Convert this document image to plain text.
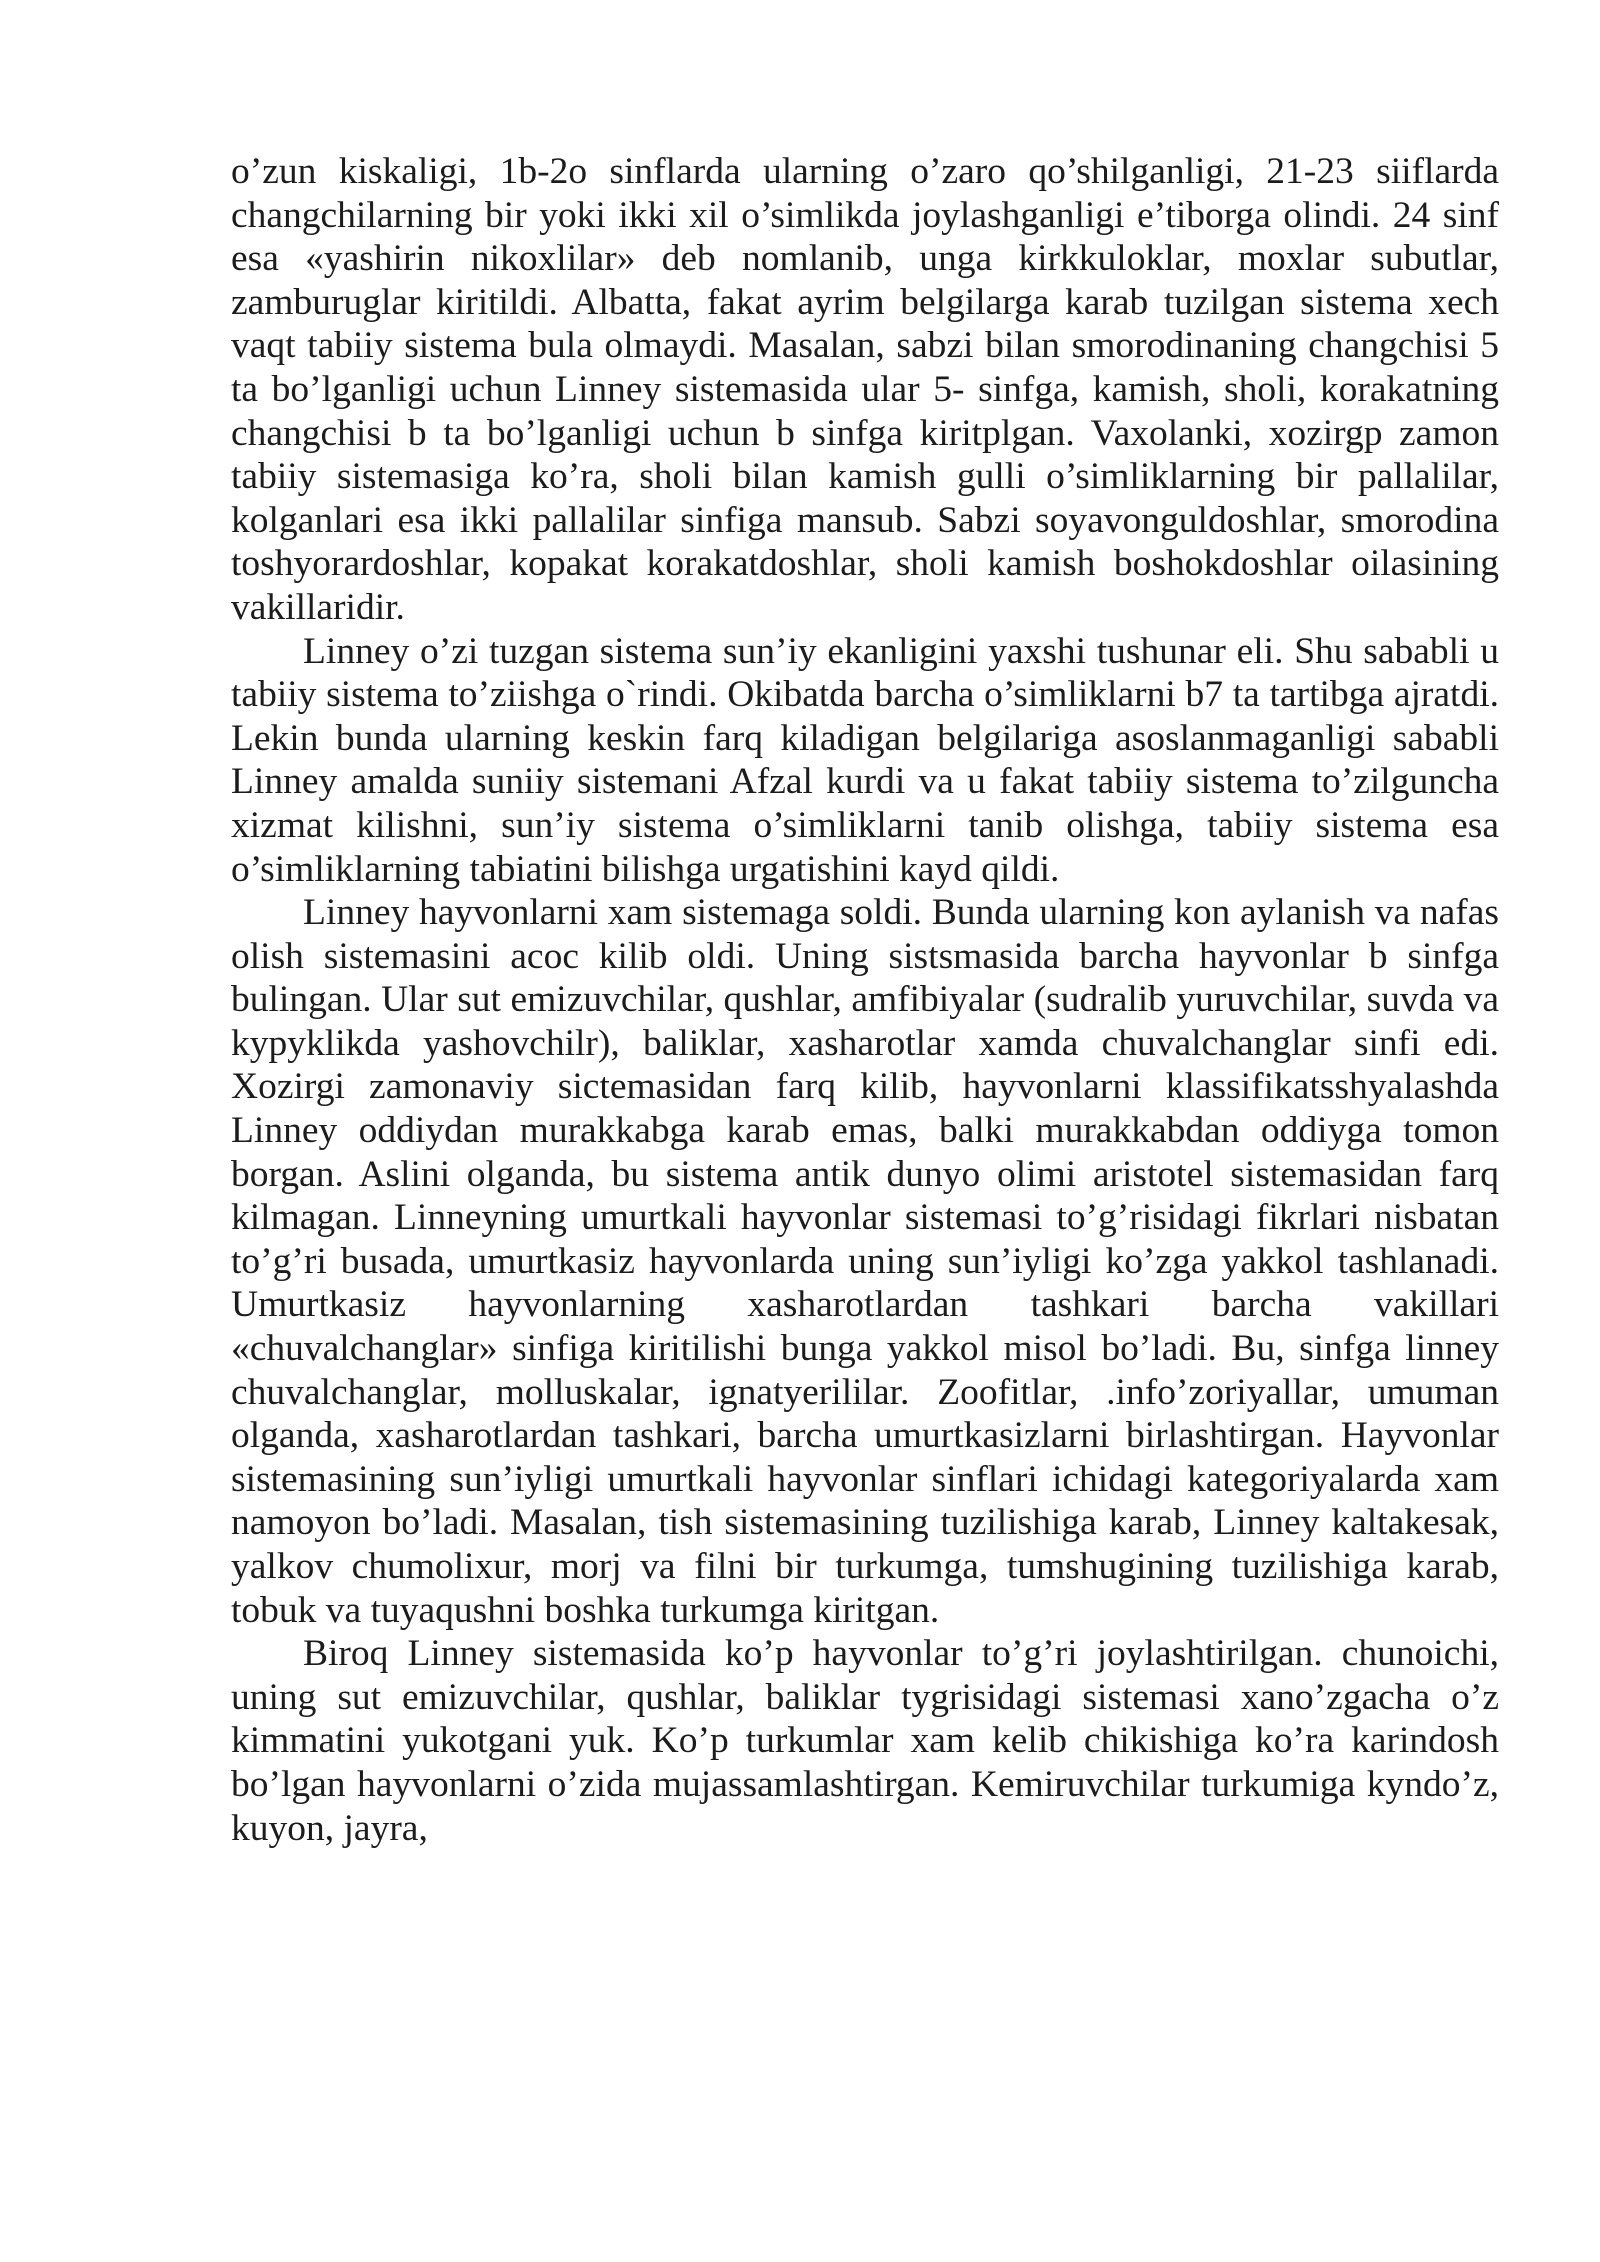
o’zun kiskaligi, 1b-2o sinflarda ularning o’zaro qo’shilganligi, 21-23 siiflarda changchilarning bir yoki ikki xil o’simlikda joylashganligi e’tiborga olindi. 24 sinf esa «yashirin nikoxlilar» deb nomlanib, unga kirkkuloklar, moxlar subutlar, zamburuglar kiritildi. Albatta, fakat ayrim belgilarga karab tuzilgan sistema xech vaqt tabiiy sistema bula olmaydi. Masalan, sabzi bilan smorodinaning changchisi 5 ta bo’lganligi uchun Linney sistemasida ular 5- sinfga, kamish, sholi, korakatning changchisi b ta bo’lganligi uchun b sinfga kiritplgan. Vaxolanki, xozirgp zamon tabiiy sistemasiga ko’ra, sholi bilan kamish gulli o’simliklarning bir pallalilar, kolganlari esa ikki pallalilar sinfiga mansub. Sabzi soyavonguldoshlar, smorodina toshyorardoshlar, kopakat korakatdoshlar, sholi kamish boshokdoshlar oilasining vakillaridir.

Linney o’zi tuzgan sistema sun’iy ekanligini yaxshi tushunar eli. Shu sababli u tabiiy sistema to’ziishga o`rindi. Okibatda barcha o’simliklarni b7 ta tartibga ajratdi. Lekin bunda ularning keskin farq kiladigan belgilariga asoslanmaganligi sababli Linney amalda suniiy sistemani Afzal kurdi va u fakat tabiiy sistema to’zilguncha xizmat kilishni, sun’iy sistema o’simliklarni tanib olishga, tabiiy sistema esa o’simliklarning tabiatini bilishga urgatishini kayd qildi.

Linney hayvonlarni xam sistemaga soldi. Bunda ularning kon aylanish va nafas olish sistemasini acoc kilib oldi. Uning sistsmasida barcha hayvonlar b sinfga bulingan. Ular sut emizuvchilar, qushlar, amfibiyalar (sudralib yuruvchilar, suvda va kypyklikda yashovchilr), baliklar, xasharotlar xamda chuvalchanglar sinfi edi. Xozirgi zamonaviy sictemasidan farq kilib, hayvonlarni klassifikatsshyalashda Linney oddiydan murakkabga karab emas, balki murakkabdan oddiyga tomon borgan. Aslini olganda, bu sistema antik dunyo olimi aristotel sistemasidan farq kilmagan. Linneyning umurtkali hayvonlar sistemasi to’g’risidagi fikrlari nisbatan to’g’ri busada, umurtkasiz hayvonlarda uning sun’iyligi ko’zga yakkol tashlanadi. Umurtkasiz hayvonlarning xasharotlardan tashkari barcha vakillari «chuvalchanglar» sinfiga kiritilishi bunga yakkol misol bo’ladi. Bu, sinfga linney chuvalchanglar, molluskalar, ignatyerililar. Zoofitlar, .info’zoriyallar, umuman olganda, xasharotlardan tashkari, barcha umurtkasizlarni birlashtirgan. Hayvonlar sistemasining sun’iyligi umurtkali hayvonlar sinflari ichidagi kategoriyalarda xam namoyon bo’ladi. Masalan, tish sistemasining tuzilishiga karab, Linney kaltakesak, yalkov chumolixur, morj va filni bir turkumga, tumshugining tuzilishiga karab, tobuk va tuyaqushni boshka turkumga kiritgan.

Biroq Linney sistemasida ko’p hayvonlar to’g’ri joylashtirilgan. chunoichi, uning sut emizuvchilar, qushlar, baliklar tygrisidagi sistemasi xano’zgacha o’z kimmatini yukotgani yuk. Ko’p turkumlar xam kelib chikishiga ko’ra karindosh bo’lgan hayvonlarni o’zida mujassamlashtirgan. Kemiruvchilar turkumiga kyndo’z, kuyon, jayra,
